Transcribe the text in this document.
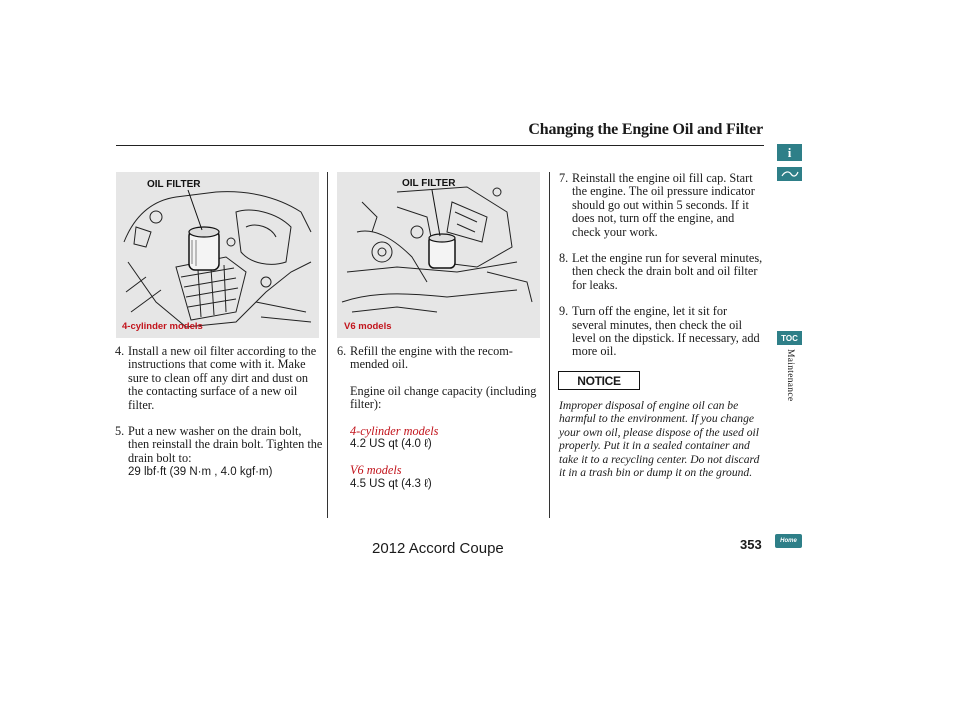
Changing the Engine Oil and Filter
OIL FILTER
4-cylinder models
OIL FILTER
V6 models
4. Install a new oil filter according to the instructions that come with it. Make sure to clean off any dirt and dust on the contacting surface of a new oil filter.
5. Put a new washer on the drain bolt, then reinstall the drain bolt. Tighten the drain bolt to:
29 lbf·ft (39 N·m , 4.0 kgf·m)
6. Refill the engine with the recom-mended oil.
Engine oil change capacity (including filter):
4-cylinder models
4.2 US qt (4.0 ℓ)
V6 models
4.5 US qt (4.3 ℓ)
7. Reinstall the engine oil fill cap. Start the engine. The oil pressure indicator should go out within 5 seconds. If it does not, turn off the engine, and check your work.
8. Let the engine run for several minutes, then check the drain bolt and oil filter for leaks.
9. Turn off the engine, let it sit for several minutes, then check the oil level on the dipstick. If necessary, add more oil.
NOTICE
Improper disposal of engine oil can be harmful to the environment. If you change your own oil, please dispose of the used oil properly. Put it in a sealed container and take it to a recycling center. Do not discard it in a trash bin or dump it on the ground.
i
TOC
Maintenance
Home
2012 Accord Coupe	353
